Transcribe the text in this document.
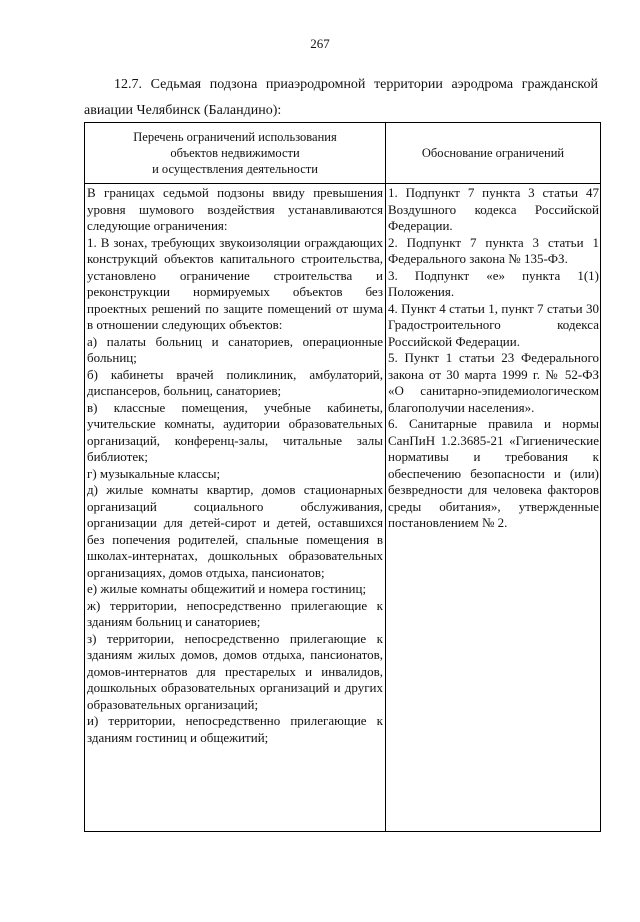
267
12.7. Седьмая подзона приаэродромной территории аэродрома гражданской авиации Челябинск (Баландино):
Перечень ограничений использования
объектов недвижимости
и осуществления деятельности
Обоснование ограничений
В границах седьмой подзоны ввиду превышения уровня шумового воздействия устанавливаются следующие ограничения:
1. В зонах, требующих звукоизоляции ограждающих конструкций объектов капитального строительства, установлено ограничение строительства и реконструкции нормируемых объектов без проектных решений по защите помещений от шума в отношении следующих объектов:
а) палаты больниц и санаториев, операционные больниц;
б) кабинеты врачей поликлиник, амбулаторий, диспансеров, больниц, санаториев;
в) классные помещения, учебные кабинеты, учительские комнаты, аудитории образовательных организаций, конференц-залы, читальные залы библиотек;
г) музыкальные классы;
д) жилые комнаты квартир, домов стационарных организаций социального обслуживания, организации для детей-сирот и детей, оставшихся без попечения родителей, спальные помещения в школах-интернатах, дошкольных образовательных организациях, домов отдыха, пансионатов;
е) жилые комнаты общежитий и номера гостиниц;
ж) территории, непосредственно прилегающие к зданиям больниц и санаториев;
з) территории, непосредственно прилегающие к зданиям жилых домов, домов отдыха, пансионатов, домов-интернатов для престарелых и инвалидов, дошкольных образовательных организаций и других образовательных организаций;
и) территории, непосредственно прилегающие к зданиям гостиниц и общежитий;
1. Подпункт 7 пункта 3 статьи 47 Воздушного кодекса Российской Федерации.
2. Подпункт 7 пункта 3 статьи 1 Федерального закона № 135-ФЗ.
3. Подпункт «е» пункта 1(1) Положения.
4. Пункт 4 статьи 1, пункт 7 статьи 30 Градостроительного кодекса Российской Федерации.
5. Пункт 1 статьи 23 Федерального закона от 30 марта 1999 г. № 52-ФЗ «О санитарно-эпидемиологическом благополучии населения».
6. Санитарные правила и нормы СанПиН 1.2.3685-21 «Гигиенические нормативы и требования к обеспечению безопасности и (или) безвредности для человека факторов среды обитания», утвержденные постановлением № 2.
